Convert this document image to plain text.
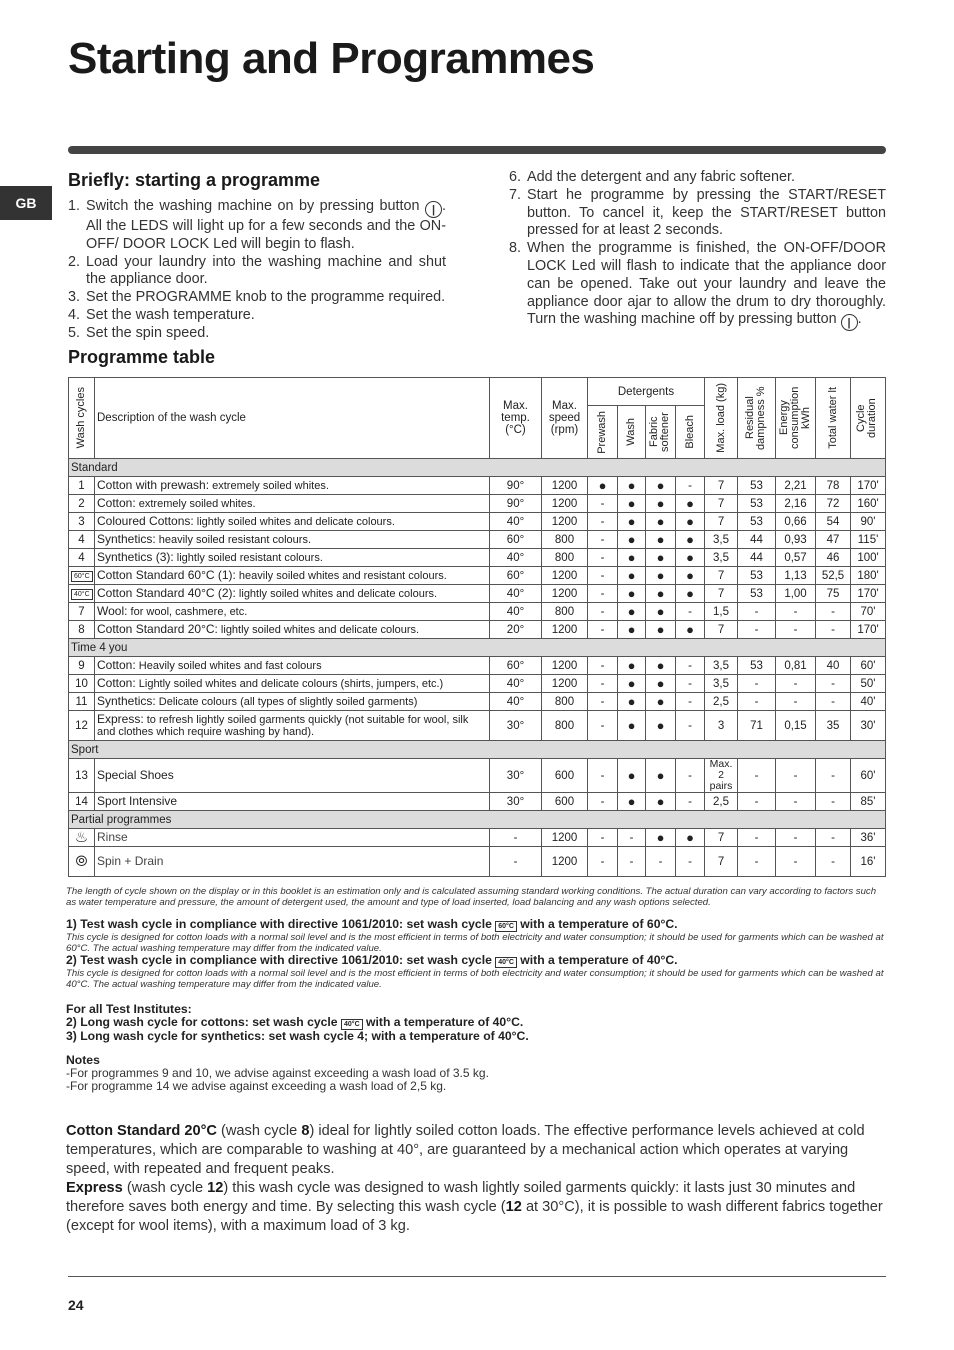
Starting and Programmes
GB
Briefly: starting a programme
1. Switch the washing machine on by pressing button | . All the LEDS will light up for a few seconds and the ON-OFF/ DOOR LOCK Led will begin to flash.
2. Load your laundry into the washing machine and shut the appliance door.
3. Set the PROGRAMME knob to the programme required.
4. Set the wash temperature.
5. Set the spin speed.
6. Add the detergent and any fabric softener.
7. Start he programme by pressing the START/RESET button. To cancel it, keep the START/RESET button pressed for at least 2 seconds.
8. When the programme is finished, the ON-OFF/DOOR LOCK Led will flash to indicate that the appliance door can be opened. Take out your laundry and leave the appliance door ajar to allow the drum to dry thoroughly. Turn the washing machine off by pressing button | .
Programme table
Wash cycles	Description of the wash cycle	Max. temp. (°C)	Max. speed (rpm)	Detergents				Max. load (kg)	Residual dampness %	Energy consumption kWh	Total water lt	Cycle duration

				Prewash	Wash	Fabric softener	Bleach					

Standard												
1	Cotton with prewash: extremely soiled whites.	90°	1200	●	●	●	-	7	53	2,21	78	170'
2	Cotton: extremely soiled whites.	90°	1200	-	●	●	●	7	53	2,16	72	160'
3	Coloured Cottons: lightly soiled whites and delicate colours.	40°	1200	-	●	●	●	7	53	0,66	54	90'
4	Synthetics: heavily soiled resistant colours.	60°	800	-	●	●	●	3,5	44	0,93	47	115'
4	Synthetics (3): lightly soiled resistant colours.	40°	800	-	●	●	●	3,5	44	0,57	46	100'
60°C	Cotton Standard 60°C (1): heavily soiled whites and resistant colours.	60°	1200	-	●	●	●	7	53	1,13	52,5	180'
40°C	Cotton Standard 40°C (2): lightly soiled whites and delicate colours.	40°	1200	-	●	●	●	7	53	1,00	75	170'
7	Wool: for wool, cashmere, etc.	40°	800	-	●	●	-	1,5	-	-	-	70'
8	Cotton Standard 20°C: lightly soiled whites and delicate colours.	20°	1200	-	●	●	●	7	-	-	-	170'
Time 4 you												
9	Cotton: Heavily soiled whites and fast colours	60°	1200	-	●	●	-	3,5	53	0,81	40	60'
10	Cotton: Lightly soiled whites and delicate colours (shirts, jumpers, etc.)	40°	1200	-	●	●	-	3,5	-	-	-	50'
11	Synthetics: Delicate colours (all types of slightly soiled garments)	40°	800	-	●	●	-	2,5	-	-	-	40'
12	Express: to refresh lightly soiled garments quickly (not suitable for wool, silk and clothes which require washing by hand).	30°	800	-	●	●	-	3	71	0,15	35	30'
Sport												
13	Special Shoes	30°	600	-	●	●	-	Max. 2 pairs	-	-	-	60'
14	Sport Intensive	30°	600	-	●	●	-	2,5	-	-	-	85'
Partial programmes												
♨	Rinse	-	1200	-	-	●	●	7	-	-	-	36'
⦾	Spin + Drain	-	1200	-	-	-	-	7	-	-	-	16'

The length of cycle shown on the display or in this booklet is an estimation only and is calculated assuming standard working conditions. The actual duration can vary according to factors such as water temperature and pressure, the amount of detergent used, the amount and type of load inserted, load balancing and any wash options selected.

1) Test wash cycle in compliance with directive 1061/2010: set wash cycle 60°C with a temperature of 60°C.

This cycle is designed for cotton loads with a normal soil level and is the most efficient in terms of both electricity and water consumption; it should be used for garments which can be washed at 60°C. The actual washing temperature may differ from the indicated value.

2) Test wash cycle in compliance with directive 1061/2010: set wash cycle 40°C with a temperature of 40°C.

This cycle is designed for cotton loads with a normal soil level and is the most efficient in terms of both electricity and water consumption; it should be used for garments which can be washed at 40°C. The actual washing temperature may differ from the indicated value.

For all Test Institutes:

2) Long wash cycle for cottons: set wash cycle 40°C with a temperature of 40°C.

3) Long wash cycle for synthetics: set wash cycle 4; with a temperature of 40°C.

Notes

-For programmes 9 and 10, we advise against exceeding a wash load of 3.5 kg.

-For programme 14 we advise against exceeding a wash load of 2,5 kg.

Cotton Standard 20°C (wash cycle 8) ideal for lightly soiled cotton loads. The effective performance levels achieved at cold temperatures, which are comparable to washing at 40°, are guaranteed by a mechanical action which operates at varying speed, with repeated and frequent peaks.

Express (wash cycle 12) this wash cycle was designed to wash lightly soiled garments quickly: it lasts just 30 minutes and therefore saves both energy and time. By selecting this wash cycle (12 at 30°C), it is possible to wash different fabrics together (except for wool items), with a maximum load of 3 kg.

24
